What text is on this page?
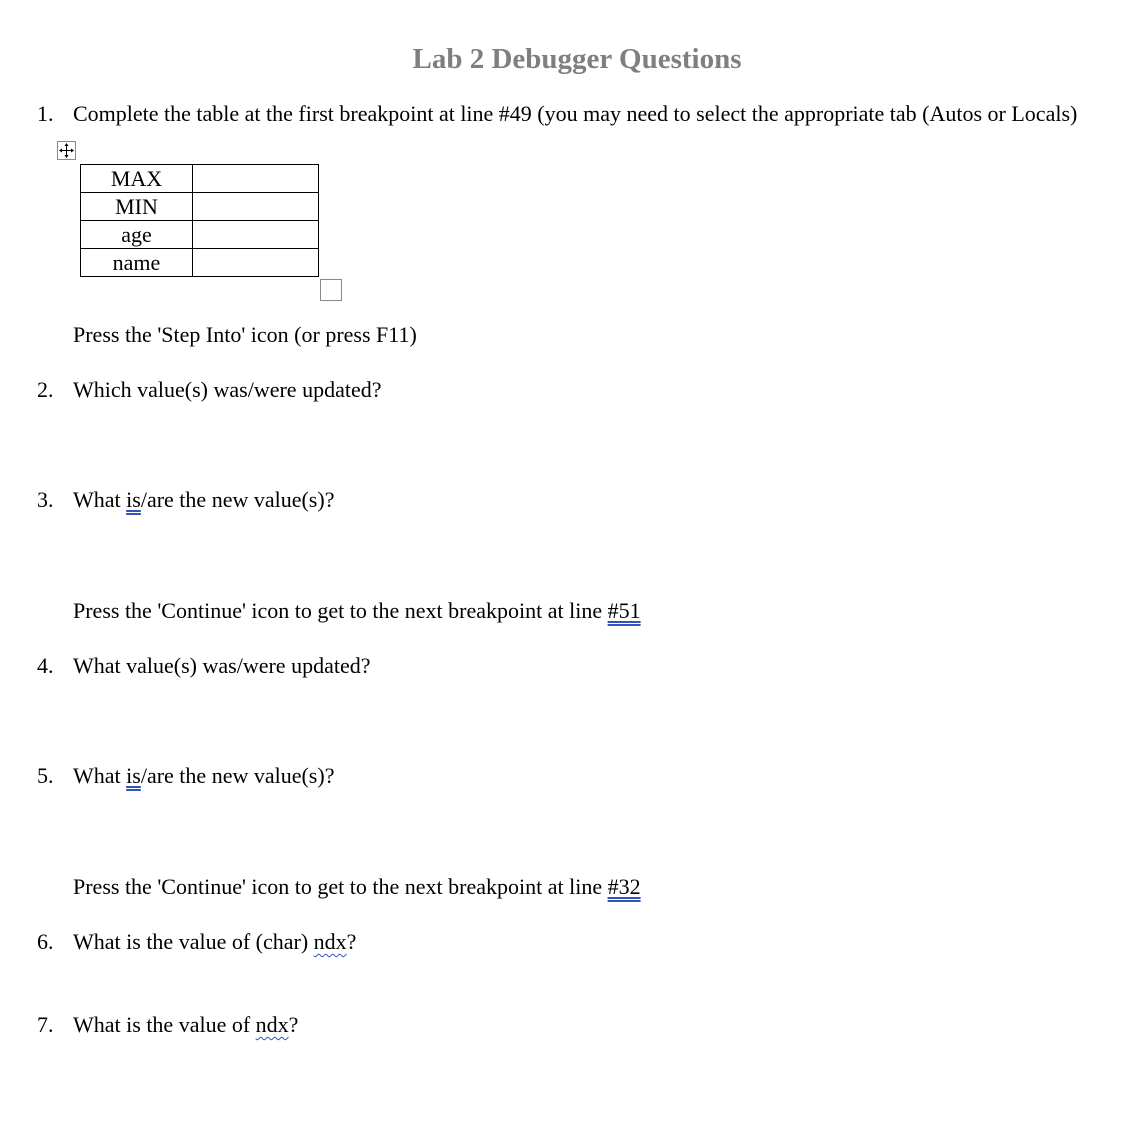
Lab 2 Debugger Questions
1. Complete the table at the first breakpoint at line #49 (you may need to select the appropriate tab (Autos or Locals)
MAX	
MIN	
age	
name	
Press the 'Step Into' icon (or press F11)
2. Which value(s) was/were updated?
3. What is/are the new value(s)?
Press the 'Continue' icon to get to the next breakpoint at line #51
4. What value(s) was/were updated?
5. What is/are the new value(s)?
Press the 'Continue' icon to get to the next breakpoint at line #32
6. What is the value of (char) ndx?
7. What is the value of ndx?
